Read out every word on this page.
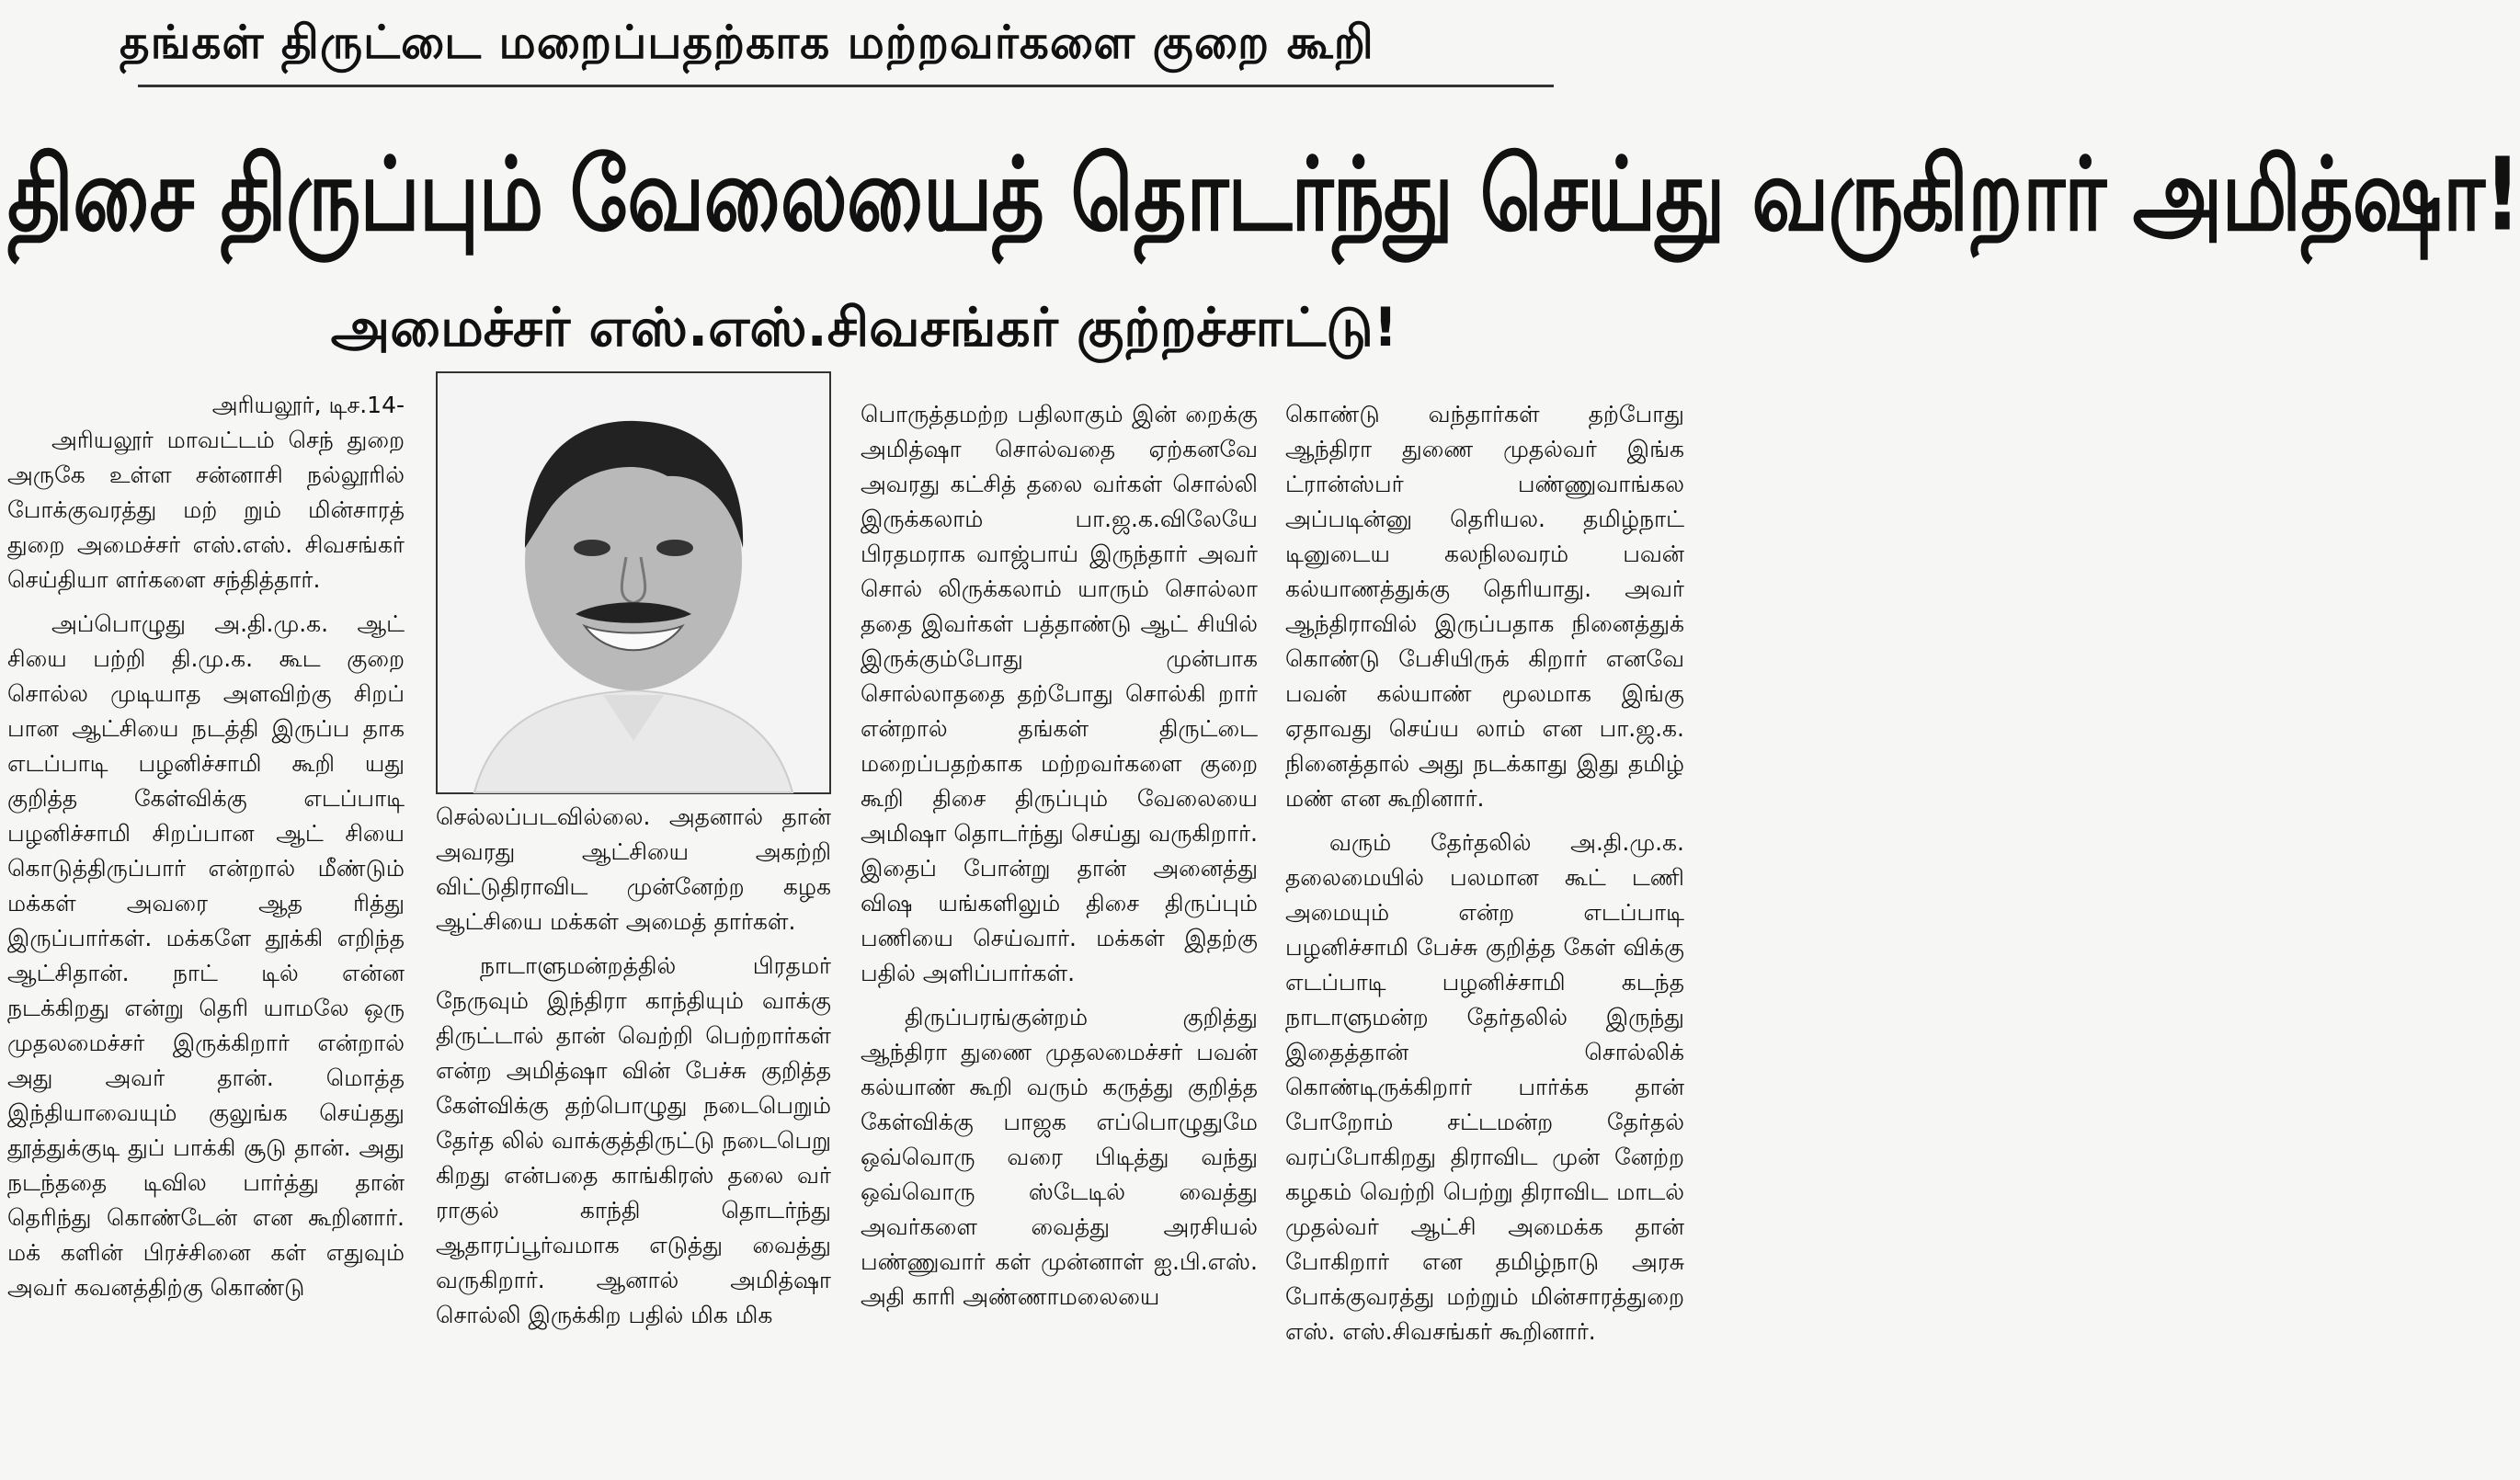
தங்கள் திருட்டை மறைப்பதற்காக மற்றவர்களை குறை கூறி
திசை திருப்பும் வேலையைத் தொடர்ந்து செய்து வருகிறார் அமித்ஷா!
அமைச்சர் எஸ்.எஸ்.சிவசங்கர் குற்றச்சாட்டு!

அரியலூர், டிச.14-

அரியலூர் மாவட்டம் செந் துறை அருகே உள்ள சன்னாசி நல்லூரில் போக்குவரத்து மற் றும் மின்சாரத் துறை அமைச்சர் எஸ்.எஸ். சிவசங்கர் செய்தியா ளர்களை சந்தித்தார்.

அப்பொழுது அ.தி.மு.க. ஆட் சியை பற்றி தி.மு.க. கூட குறை சொல்ல முடியாத அளவிற்கு சிறப் பான ஆட்சியை நடத்தி இருப்ப தாக எடப்பாடி பழனிச்சாமி கூறி யது குறித்த கேள்விக்கு எடப்பாடி பழனிச்சாமி சிறப்பான ஆட் சியை கொடுத்திருப்பார் என்றால் மீண்டும் மக்கள் அவரை ஆத ரித்து இருப்பார்கள். மக்களே தூக்கி எறிந்த ஆட்சிதான். நாட் டில் என்ன நடக்கிறது என்று தெரி யாமலே ஒரு முதலமைச்சர் இருக்கிறார் என்றால் அது அவர் தான். மொத்த இந்தியாவையும் குலுங்க செய்தது தூத்துக்குடி துப் பாக்கி சூடு தான். அது நடந்ததை டிவில பார்த்து தான் தெரிந்து கொண்டேன் என கூறினார். மக் களின் பிரச்சினை கள் எதுவும் அவர் கவனத்திற்கு கொண்டு

செல்லப்படவில்லை. அதனால் தான் அவரது ஆட்சியை அகற்றி விட்டுதிராவிட முன்னேற்ற கழக ஆட்சியை மக்கள் அமைத் தார்கள்.

நாடாளுமன்றத்தில் பிரதமர் நேருவும் இந்திரா காந்தியும் வாக்கு திருட்டால் தான் வெற்றி பெற்றார்கள் என்ற அமித்ஷா வின் பேச்சு குறித்த கேள்விக்கு தற்பொழுது நடைபெறும் தேர்த லில் வாக்குத்திருட்டு நடைபெறு கிறது என்பதை காங்கிரஸ் தலை வர் ராகுல் காந்தி தொடர்ந்து ஆதாரப்பூர்வமாக எடுத்து வைத்து வருகிறார். ஆனால் அமித்ஷா சொல்லி இருக்கிற பதில் மிக மிக

பொருத்தமற்ற பதிலாகும் இன் றைக்கு அமித்ஷா சொல்வதை ஏற்கனவே அவரது கட்சித் தலை வர்கள் சொல்லி இருக்கலாம் பா.ஜ.க.விலேயே பிரதமராக வாஜ்பாய் இருந்தார் அவர் சொல் லிருக்கலாம் யாரும் சொல்லா ததை இவர்கள் பத்தாண்டு ஆட் சியில் இருக்கும்போது முன்பாக சொல்லாததை தற்போது சொல்கி றார் என்றால் தங்கள் திருட்டை மறைப்பதற்காக மற்றவர்களை குறை கூறி திசை திருப்பும் வேலையை அமிஷா தொடர்ந்து செய்து வருகிறார். இதைப் போன்று தான் அனைத்து விஷ யங்களிலும் திசை திருப்பும் பணியை செய்வார். மக்கள் இதற்கு பதில் அளிப்பார்கள்.

திருப்பரங்குன்றம் குறித்து ஆந்திரா துணை முதலமைச்சர் பவன் கல்யாண் கூறி வரும் கருத்து குறித்த கேள்விக்கு பாஜக எப்பொழுதுமே ஒவ்வொரு வரை பிடித்து வந்து ஒவ்வொரு ஸ்டேடில் வைத்து அவர்களை வைத்து அரசியல் பண்ணுவார் கள் முன்னாள் ஐ.பி.எஸ். அதி காரி அண்ணாமலையை

கொண்டு வந்தார்கள் தற்போது ஆந்திரா துணை முதல்வர் இங்க ட்ரான்ஸ்பர் பண்ணுவாங்கல அப்படின்னு தெரியல. தமிழ்நாட் டினுடைய கலநிலவரம் பவன் கல்யாணத்துக்கு தெரியாது. அவர் ஆந்திராவில் இருப்பதாக நினைத்துக் கொண்டு பேசியிருக் கிறார் எனவே பவன் கல்யாண் மூலமாக இங்கு ஏதாவது செய்ய லாம் என பா.ஜ.க. நினைத்தால் அது நடக்காது இது தமிழ் மண் என கூறினார்.

வரும் தேர்தலில் அ.தி.மு.க. தலைமையில் பலமான கூட் டணி அமையும் என்ற எடப்பாடி பழனிச்சாமி பேச்சு குறித்த கேள் விக்கு எடப்பாடி பழனிச்சாமி கடந்த நாடாளுமன்ற தேர்தலில் இருந்து இதைத்தான் சொல்லிக் கொண்டிருக்கிறார் பார்க்க தான் போறோம் சட்டமன்ற தேர்தல் வரப்போகிறது திராவிட முன் னேற்ற கழகம் வெற்றி பெற்று திராவிட மாடல் முதல்வர் ஆட்சி அமைக்க தான் போகிறார் என தமிழ்நாடு அரசு போக்குவரத்து மற்றும் மின்சாரத்துறை எஸ். எஸ்.சிவசங்கர் கூறினார்.
